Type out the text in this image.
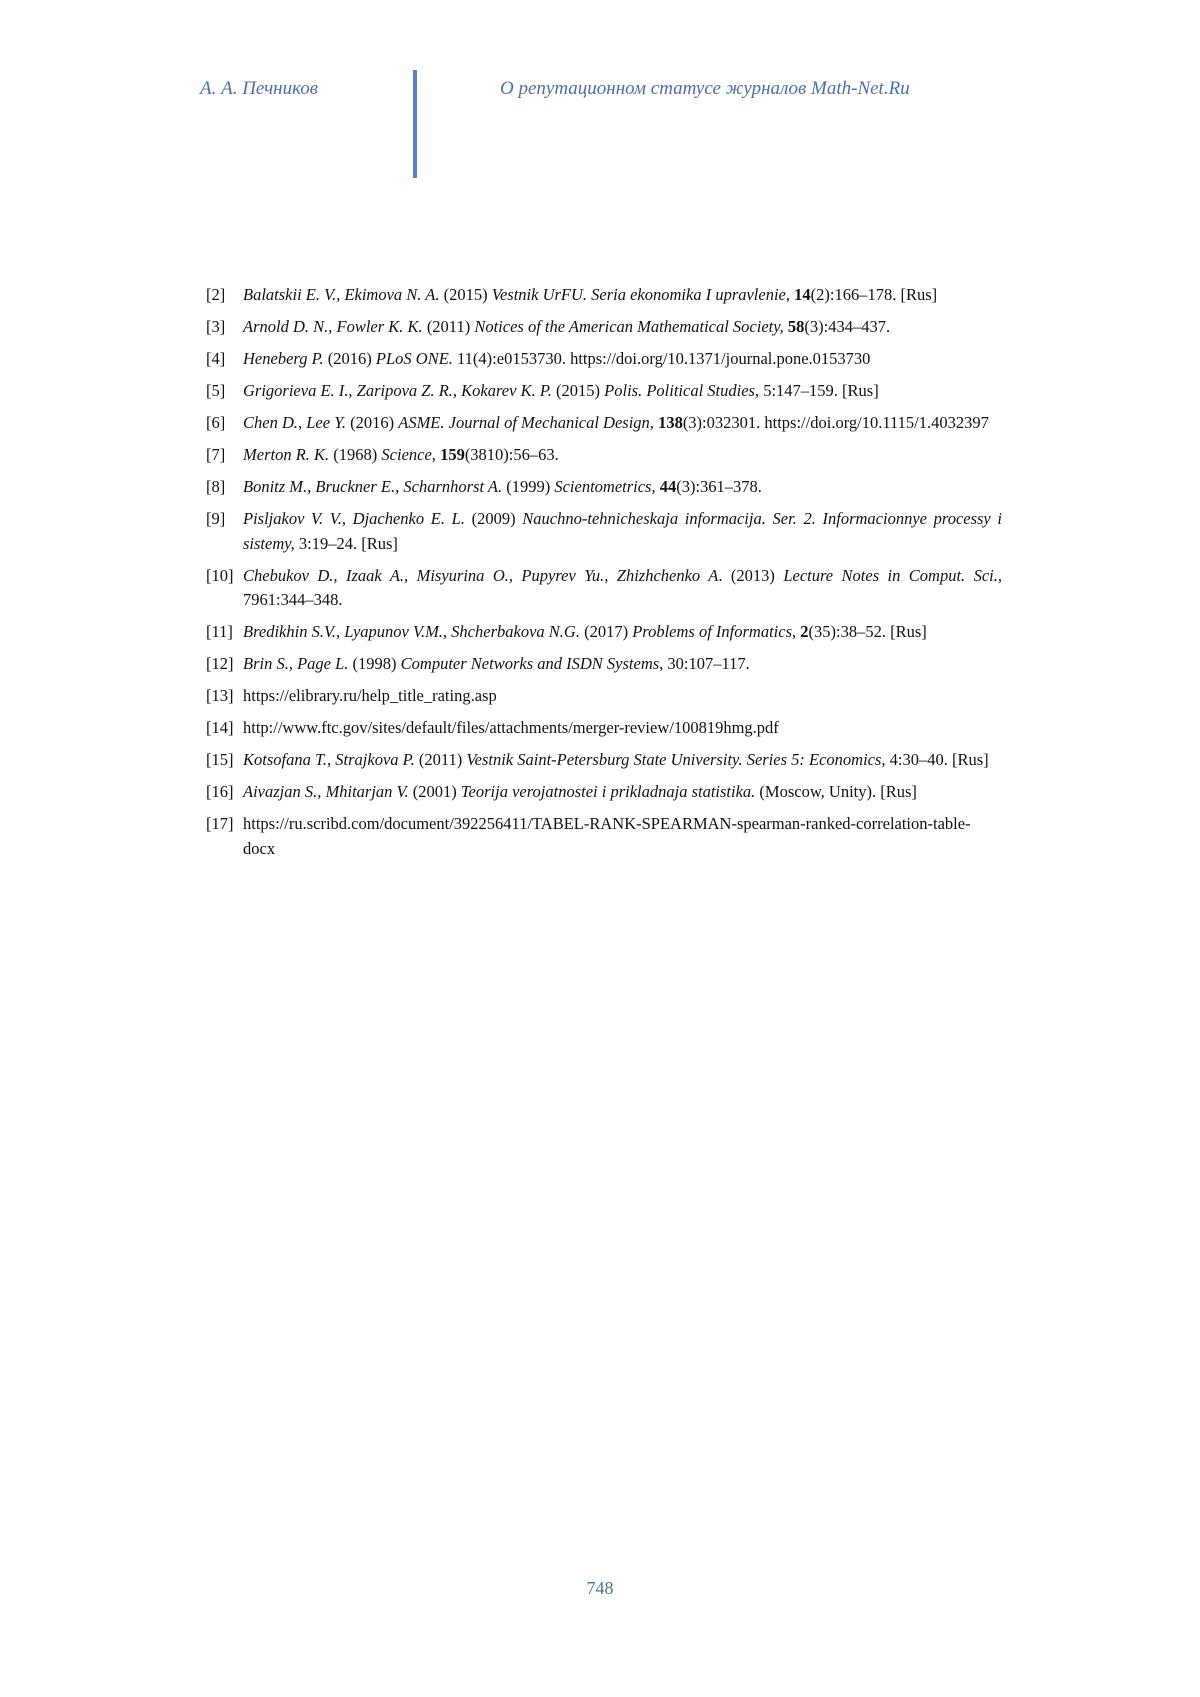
А. А. Печников	О репутационном статусе журналов Math-Net.Ru
[2]	Balatskii E. V., Ekimova N. A. (2015) Vestnik UrFU. Seria ekonomika I upravlenie, 14(2):166–178. [Rus]
[3]	Arnold D. N., Fowler K. K. (2011) Notices of the American Mathematical Society, 58(3):434–437.
[4]	Heneberg P. (2016) PLoS ONE. 11(4):e0153730. https://doi.org/10.1371/journal.pone.0153730
[5]	Grigorieva E. I., Zaripova Z. R., Kokarev K. P. (2015) Polis. Political Studies, 5:147–159. [Rus]
[6]	Chen D., Lee Y. (2016) ASME. Journal of Mechanical Design, 138(3):032301. https://doi.org/10.1115/1.4032397
[7]	Merton R. K. (1968) Science, 159(3810):56–63.
[8]	Bonitz M., Bruckner E., Scharnhorst A. (1999) Scientometrics, 44(3):361–378.
[9]	Pisljakov V. V., Djachenko E. L. (2009) Nauchno-tehnicheskaja informacija. Ser. 2. Informacionnye processy i sistemy, 3:19–24. [Rus]
[10] Chebukov D., Izaak A., Misyurina O., Pupyrev Yu., Zhizhchenko A. (2013) Lecture Notes in Comput. Sci., 7961:344–348.
[11] Bredikhin S.V., Lyapunov V.M., Shcherbakova N.G. (2017) Problems of Informatics, 2(35):38–52. [Rus]
[12] Brin S., Page L. (1998) Computer Networks and ISDN Systems, 30:107–117.
[13] https://elibrary.ru/help_title_rating.asp
[14] http://www.ftc.gov/sites/default/files/attachments/merger-review/100819hmg.pdf
[15] Kotsofana T., Strajkova P. (2011) Vestnik Saint-Petersburg State University. Series 5: Economics, 4:30–40. [Rus]
[16] Aivazjan S., Mhitarjan V. (2001) Teorija verojatnostei i prikladnaja statistika. (Moscow, Unity). [Rus]
[17] https://ru.scribd.com/document/392256411/TABEL-RANK-SPEARMAN-spearman-ranked-correlation-table-docx
748
